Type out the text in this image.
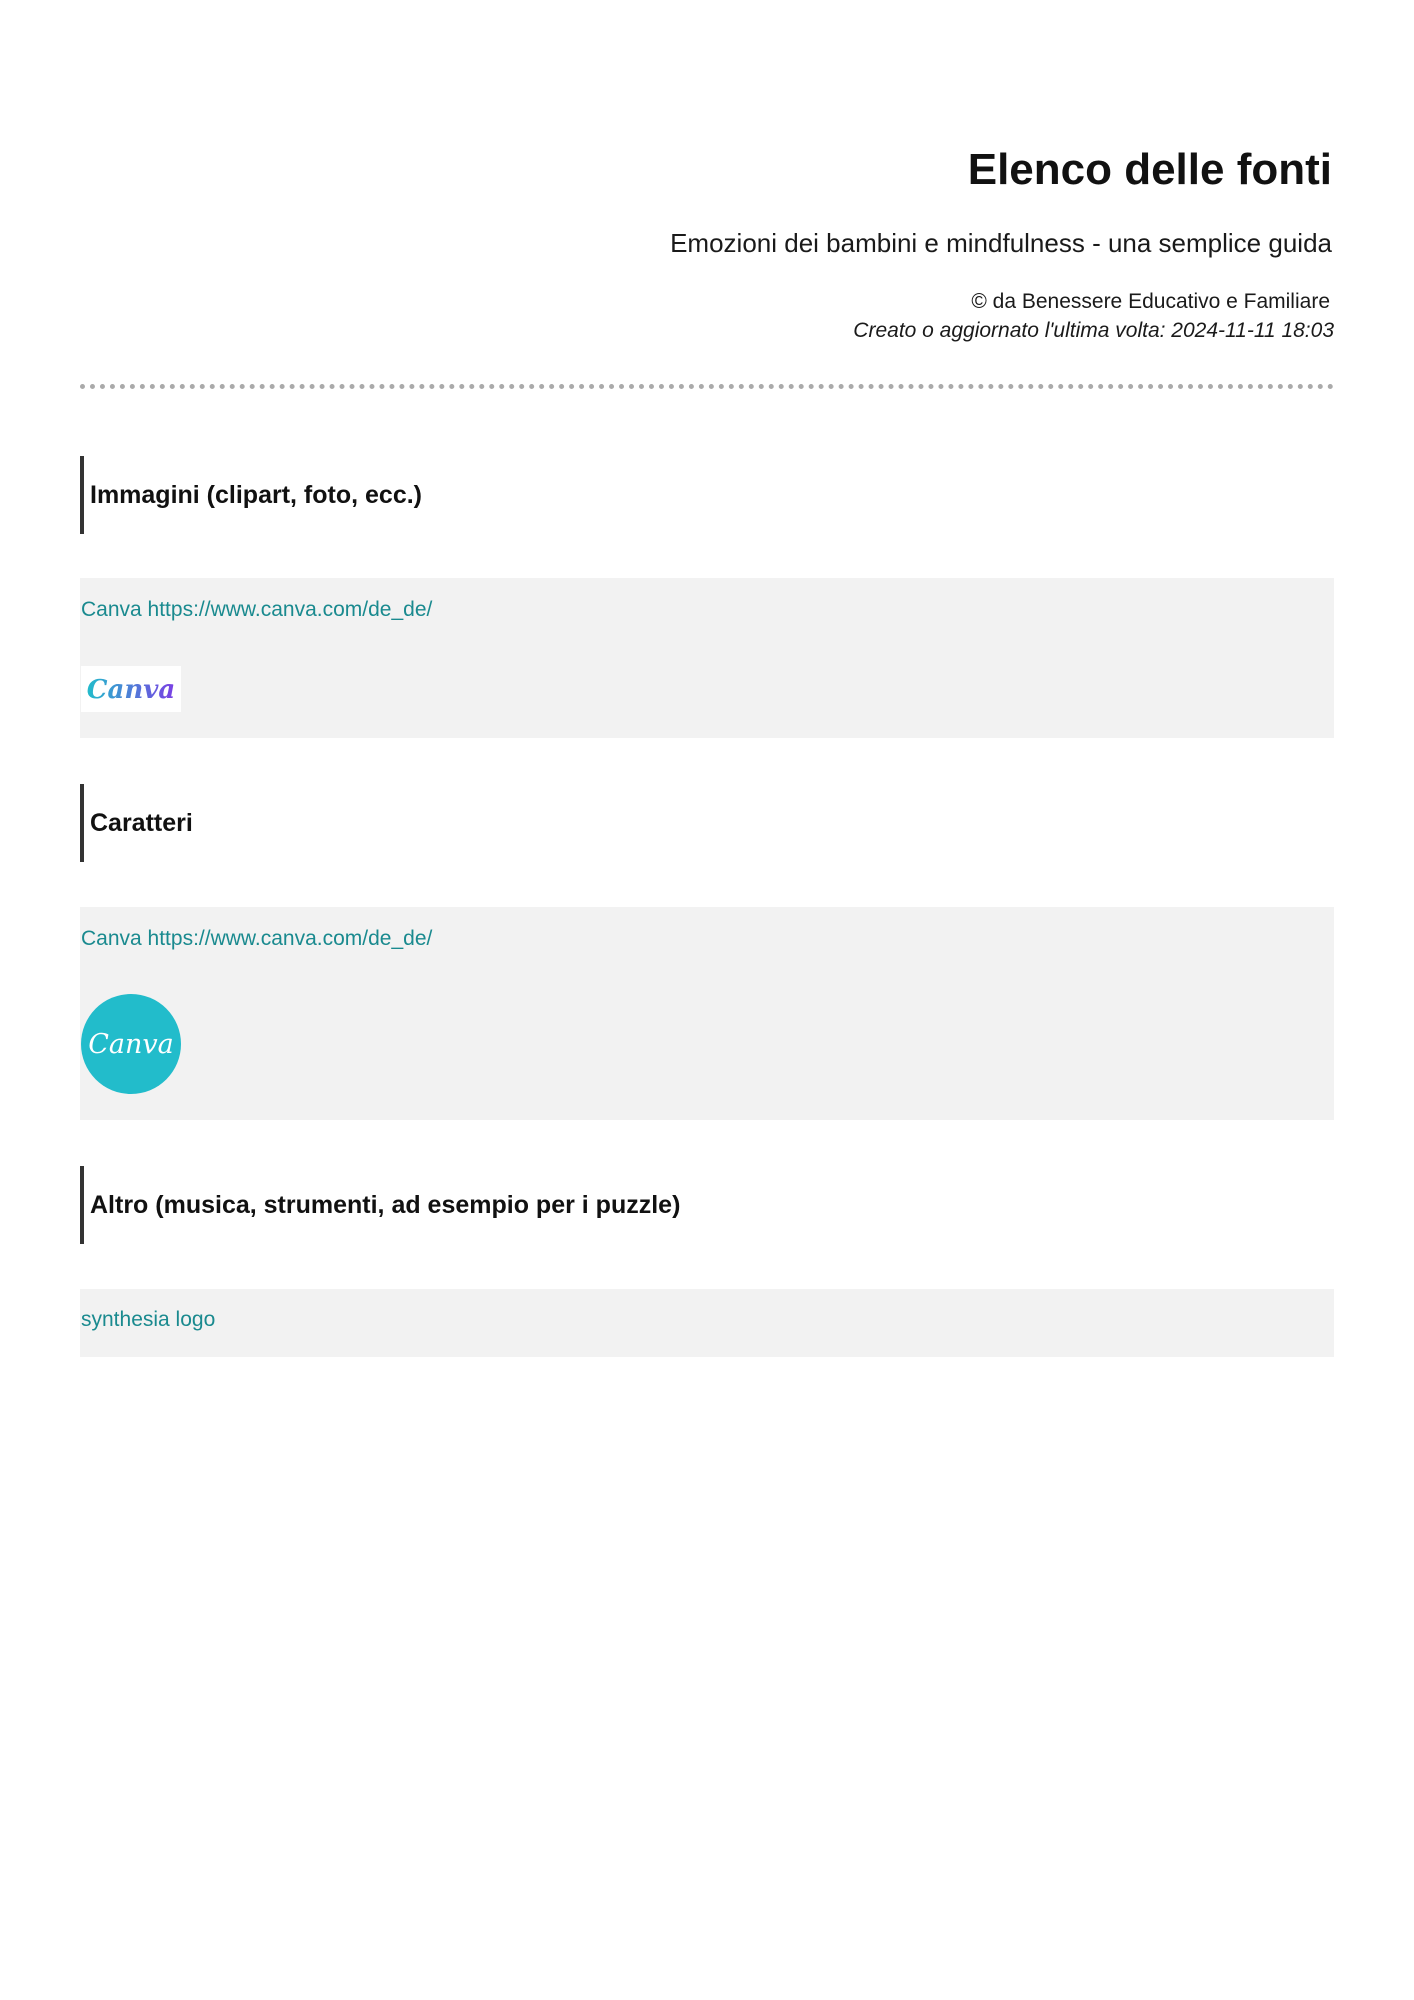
Elenco delle fonti
Emozioni dei bambini e mindfulness - una semplice guida
© da Benessere Educativo e Familiare
Creato o aggiornato l'ultima volta: 2024-11-11 18:03
Immagini (clipart, foto, ecc.)
Canva https://www.canva.com/de_de/
Canva
Caratteri
Canva https://www.canva.com/de_de/
Canva
Altro (musica, strumenti, ad esempio per i puzzle)
synthesia logo
